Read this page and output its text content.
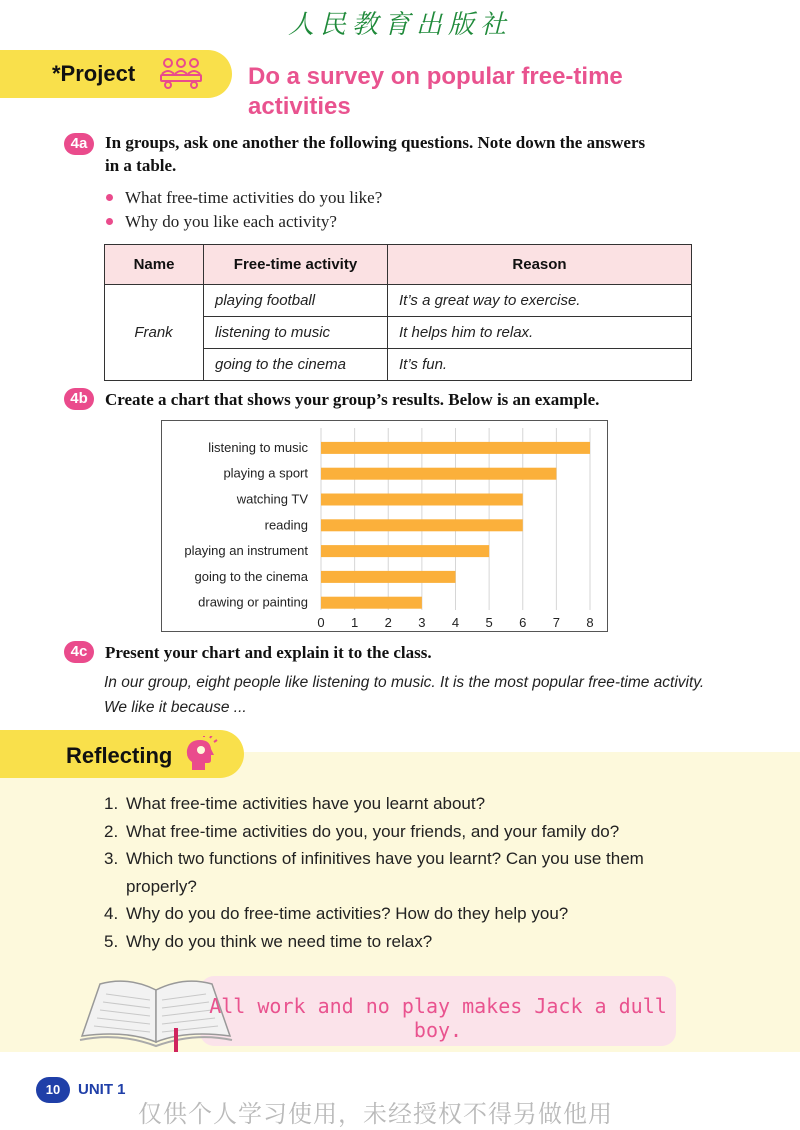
人民教育出版社
*Project	Do a survey on popular free-time
activities
4a	In groups, ask one another the following questions. Note down the answers
in a table.
What free-time activities do you like?
Why do you like each activity?
Name	Free-time activity	Reason
Frank	playing football	It’s a great way to exercise.
	listening to music	It helps him to relax.
	going to the cinema	It’s fun.
4b	Create a chart that shows your group’s results. Below is an example.
0 1 2 3 4 5 6 7 8
listening to music
playing a sport
watching TV
reading
playing an instrument
going to the cinema
drawing or painting
4c	Present your chart and explain it to the class.
In our group, eight people like listening to music. It is the most popular free-time activity.
We like it because ...
Reflecting
1. What free-time activities have you learnt about?
2. What free-time activities do you, your friends, and your family do?
3. Which two functions of infinitives have you learnt? Can you use them properly?
4. Why do you do free-time activities? How do they help you?
5. Why do you think we need time to relax?
All work and no play makes Jack a dull boy.
10	UNIT 1
仅供个人学习使用，未经授权不得另做他用
